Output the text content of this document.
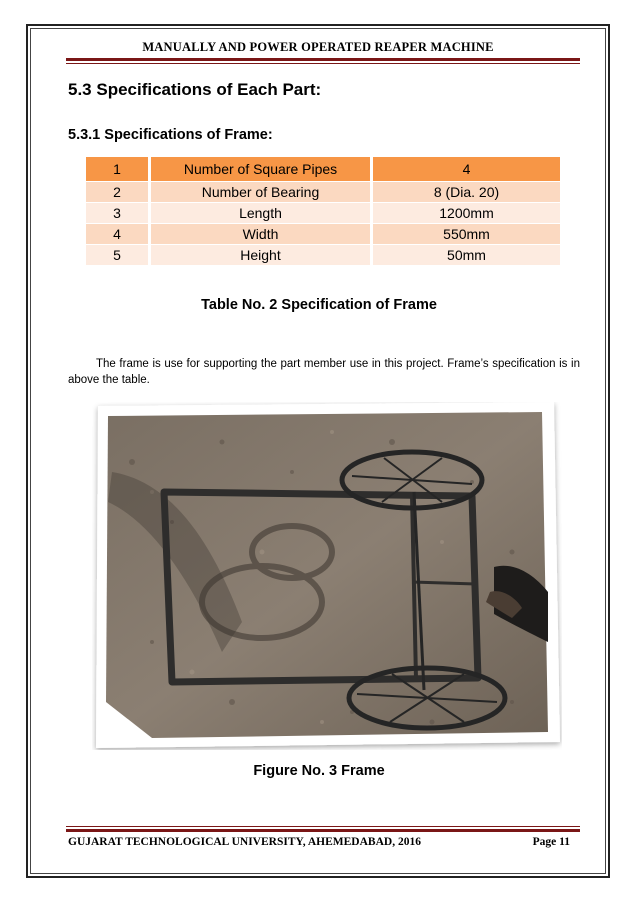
MANUALLY AND POWER OPERATED REAPER MACHINE
5.3 Specifications of Each Part:
5.3.1 Specifications of Frame:
1	Number of Square Pipes	4
2	Number of Bearing	8 (Dia. 20)
3	Length	1200mm
4	Width	550mm
5	Height	50mm
Table No. 2 Specification of Frame
The frame is use for supporting the part member use in this project. Frame’s specification is in above the table.
Figure No. 3 Frame
GUJARAT TECHNOLOGICAL UNIVERSITY, AHEMEDABAD, 2016	Page 11
